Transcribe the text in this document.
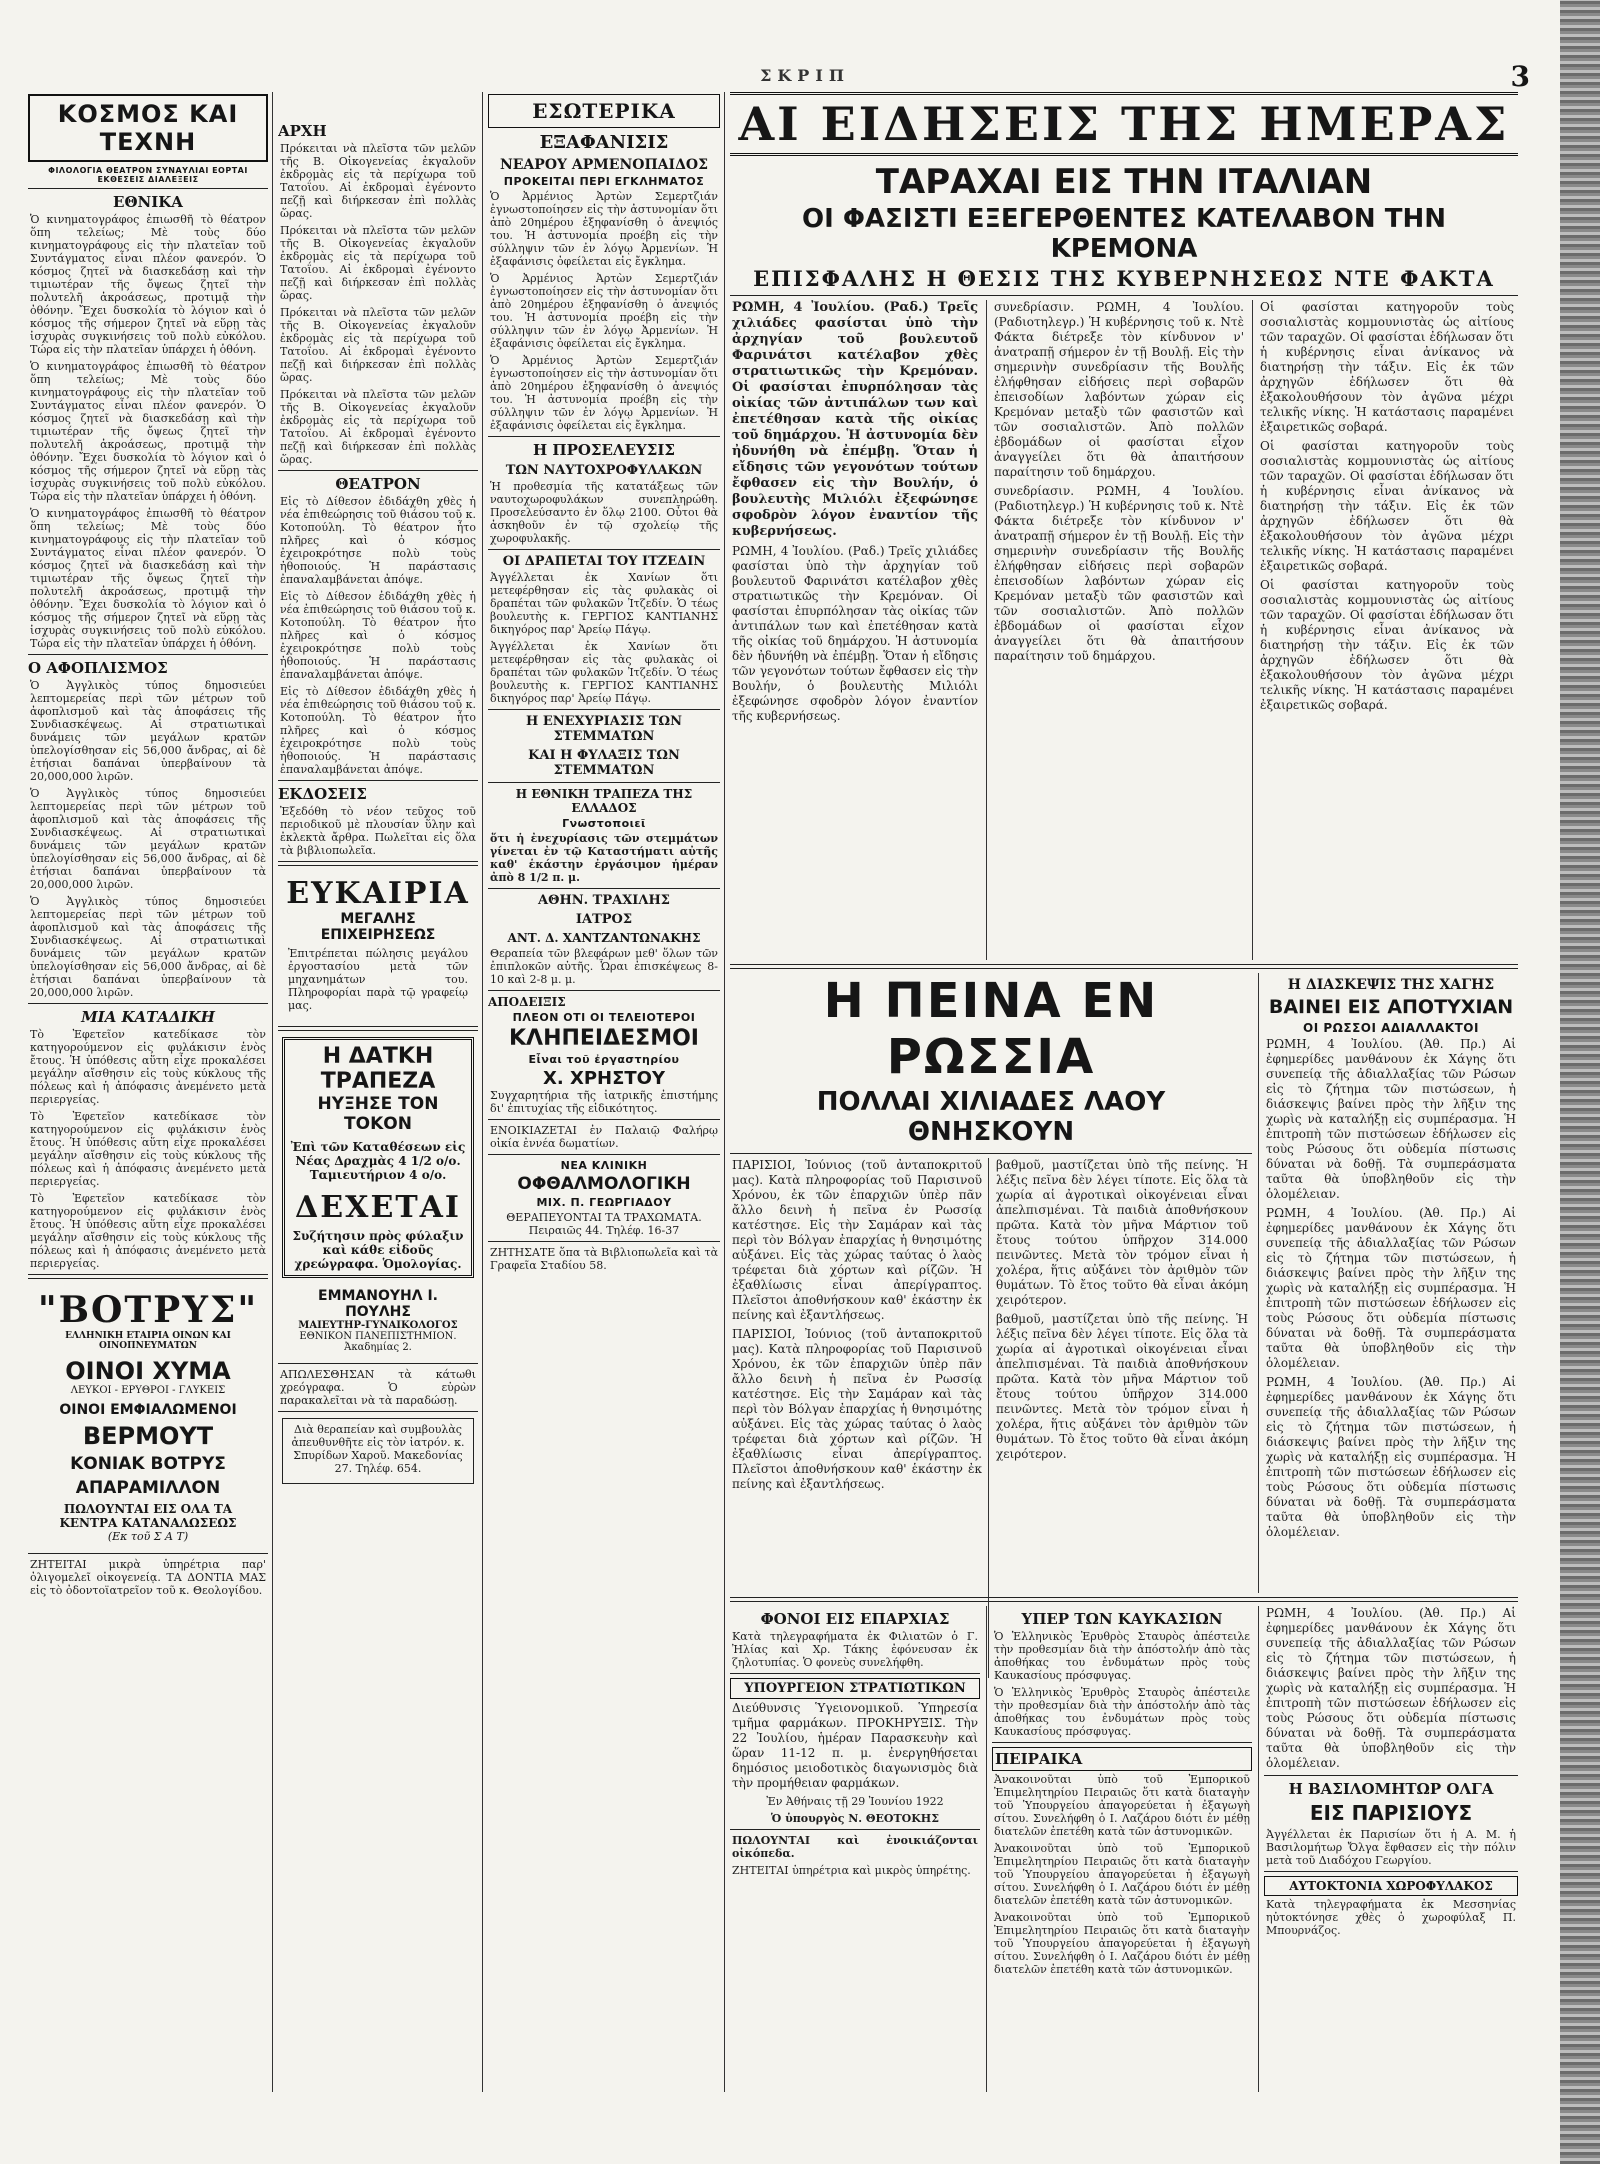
ΣΚΡΙΠ	3
ΚΟΣΜΟΣ ΚΑΙ ΤΕΧΝΗ
ΦΙΛΟΛΟΓΙΑ ΘΕΑΤΡΟΝ ΣΥΝΑΥΛΙΑΙ ΕΟΡΤΑΙ ΕΚΘΕΣΕΙΣ ΔΙΑΛΕΞΕΙΣ
ΕΘΝΙΚΑ
Ὁ κινηματογράφος ἐπιωσθῆ τὸ θέατρον ὅπη τελείως; Μὲ τοὺς δύο κινηματογράφους εἰς τὴν πλατεῖαν τοῦ Συντάγματος εἶναι πλέον φανερόν. Ὁ κόσμος ζητεῖ νὰ διασκεδάσῃ καὶ τὴν τιμιωτέραν τῆς ὄψεως ζητεῖ τὴν πολυτελῆ ἀκροάσεως, προτιμᾷ τὴν ὀθόνην. Ἔχει δυσκολία τὸ λόγιον καὶ ὁ κόσμος τῆς σήμερον ζητεῖ νὰ εὕρῃ τὰς ἰσχυρὰς συγκινήσεις τοῦ πολὺ εὐκόλου. Τώρα εἰς τὴν πλατεῖαν ὑπάρχει ἡ ὁθόνη.
Ὁ κινηματογράφος ἐπιωσθῆ τὸ θέατρον ὅπη τελείως; Μὲ τοὺς δύο κινηματογράφους εἰς τὴν πλατεῖαν τοῦ Συντάγματος εἶναι πλέον φανερόν. Ὁ κόσμος ζητεῖ νὰ διασκεδάσῃ καὶ τὴν τιμιωτέραν τῆς ὄψεως ζητεῖ τὴν πολυτελῆ ἀκροάσεως, προτιμᾷ τὴν ὀθόνην. Ἔχει δυσκολία τὸ λόγιον καὶ ὁ κόσμος τῆς σήμερον ζητεῖ νὰ εὕρῃ τὰς ἰσχυρὰς συγκινήσεις τοῦ πολὺ εὐκόλου. Τώρα εἰς τὴν πλατεῖαν ὑπάρχει ἡ ὁθόνη.
Ὁ κινηματογράφος ἐπιωσθῆ τὸ θέατρον ὅπη τελείως; Μὲ τοὺς δύο κινηματογράφους εἰς τὴν πλατεῖαν τοῦ Συντάγματος εἶναι πλέον φανερόν. Ὁ κόσμος ζητεῖ νὰ διασκεδάσῃ καὶ τὴν τιμιωτέραν τῆς ὄψεως ζητεῖ τὴν πολυτελῆ ἀκροάσεως, προτιμᾷ τὴν ὀθόνην. Ἔχει δυσκολία τὸ λόγιον καὶ ὁ κόσμος τῆς σήμερον ζητεῖ νὰ εὕρῃ τὰς ἰσχυρὰς συγκινήσεις τοῦ πολὺ εὐκόλου. Τώρα εἰς τὴν πλατεῖαν ὑπάρχει ἡ ὁθόνη.
Ο ΑΦΟΠΛΙΣΜΟΣ
Ὁ Ἀγγλικὸς τύπος δημοσιεύει λεπτομερείας περὶ τῶν μέτρων τοῦ ἀφοπλισμοῦ καὶ τὰς ἀποφάσεις τῆς Συνδιασκέψεως. Αἱ στρατιωτικαὶ δυνάμεις τῶν μεγάλων κρατῶν ὑπελογίσθησαν εἰς 56,000 ἄνδρας, αἱ δὲ ἐτήσιαι δαπάναι ὑπερβαίνουν τὰ 20,000,000 λιρῶν.
Ὁ Ἀγγλικὸς τύπος δημοσιεύει λεπτομερείας περὶ τῶν μέτρων τοῦ ἀφοπλισμοῦ καὶ τὰς ἀποφάσεις τῆς Συνδιασκέψεως. Αἱ στρατιωτικαὶ δυνάμεις τῶν μεγάλων κρατῶν ὑπελογίσθησαν εἰς 56,000 ἄνδρας, αἱ δὲ ἐτήσιαι δαπάναι ὑπερβαίνουν τὰ 20,000,000 λιρῶν.
Ὁ Ἀγγλικὸς τύπος δημοσιεύει λεπτομερείας περὶ τῶν μέτρων τοῦ ἀφοπλισμοῦ καὶ τὰς ἀποφάσεις τῆς Συνδιασκέψεως. Αἱ στρατιωτικαὶ δυνάμεις τῶν μεγάλων κρατῶν ὑπελογίσθησαν εἰς 56,000 ἄνδρας, αἱ δὲ ἐτήσιαι δαπάναι ὑπερβαίνουν τὰ 20,000,000 λιρῶν.
ΜΙΑ ΚΑΤΑΔΙΚΗ
Τὸ Ἐφετεῖον κατεδίκασε τὸν κατηγορούμενον εἰς φυλάκισιν ἑνὸς ἔτους. Ἡ ὑπόθεσις αὕτη εἶχε προκαλέσει μεγάλην αἴσθησιν εἰς τοὺς κύκλους τῆς πόλεως καὶ ἡ ἀπόφασις ἀνεμένετο μετὰ περιεργείας.
Τὸ Ἐφετεῖον κατεδίκασε τὸν κατηγορούμενον εἰς φυλάκισιν ἑνὸς ἔτους. Ἡ ὑπόθεσις αὕτη εἶχε προκαλέσει μεγάλην αἴσθησιν εἰς τοὺς κύκλους τῆς πόλεως καὶ ἡ ἀπόφασις ἀνεμένετο μετὰ περιεργείας.
Τὸ Ἐφετεῖον κατεδίκασε τὸν κατηγορούμενον εἰς φυλάκισιν ἑνὸς ἔτους. Ἡ ὑπόθεσις αὕτη εἶχε προκαλέσει μεγάλην αἴσθησιν εἰς τοὺς κύκλους τῆς πόλεως καὶ ἡ ἀπόφασις ἀνεμένετο μετὰ περιεργείας.
"ΒΟΤΡΥΣ"
ΕΛΛΗΝΙΚΗ ΕΤΑΙΡΙΑ ΟΙΝΩΝ ΚΑΙ ΟΙΝΟΠΝΕΥΜΑΤΩΝ
ΟΙΝΟΙ ΧΥΜΑ
ΛΕΥΚΟΙ - ΕΡΥΘΡΟΙ - ΓΛΥΚΕΙΣ
ΟΙΝΟΙ ΕΜΦΙΑΛΩΜΕΝΟΙ
ΒΕΡΜΟΥΤ
ΚΟΝΙΑΚ ΒΟΤΡΥΣ
ΑΠΑΡΑΜΙΛΛΟΝ
ΠΩΛΟΥΝΤΑΙ ΕΙΣ ΟΛΑ ΤΑ ΚΕΝΤΡΑ ΚΑΤΑΝΑΛΩΣΕΩΣ
(Εκ τοῦ Σ Α Τ)
ΖΗΤΕΙΤΑΙ μικρὰ ὑπηρέτρια παρ' ὀλιγομελεῖ οἰκογενείᾳ. ΤΑ ΔΟΝΤΙΑ ΜΑΣ εἰς τὸ ὀδοντοϊατρεῖον τοῦ κ. Θεολογίδου.
ΑΡΧΗ
Πρόκειται νὰ πλεῖστα τῶν μελῶν τῆς Β. Οἰκογενείας ἐκγαλοῦν ἐκδρομὰς εἰς τὰ περίχωρα τοῦ Τατοΐου. Αἱ ἐκδρομαὶ ἐγένοντο πεζῇ καὶ διήρκεσαν ἐπὶ πολλὰς ὥρας.
Πρόκειται νὰ πλεῖστα τῶν μελῶν τῆς Β. Οἰκογενείας ἐκγαλοῦν ἐκδρομὰς εἰς τὰ περίχωρα τοῦ Τατοΐου. Αἱ ἐκδρομαὶ ἐγένοντο πεζῇ καὶ διήρκεσαν ἐπὶ πολλὰς ὥρας.
Πρόκειται νὰ πλεῖστα τῶν μελῶν τῆς Β. Οἰκογενείας ἐκγαλοῦν ἐκδρομὰς εἰς τὰ περίχωρα τοῦ Τατοΐου. Αἱ ἐκδρομαὶ ἐγένοντο πεζῇ καὶ διήρκεσαν ἐπὶ πολλὰς ὥρας.
Πρόκειται νὰ πλεῖστα τῶν μελῶν τῆς Β. Οἰκογενείας ἐκγαλοῦν ἐκδρομὰς εἰς τὰ περίχωρα τοῦ Τατοΐου. Αἱ ἐκδρομαὶ ἐγένοντο πεζῇ καὶ διήρκεσαν ἐπὶ πολλὰς ὥρας.
ΘΕΑΤΡΟΝ
Εἰς τὸ Δίθεσον ἐδιδάχθη χθὲς ἡ νέα ἐπιθεώρησις τοῦ θιάσου τοῦ κ. Κοτοπούλη. Τὸ θέατρον ἦτο πλῆρες καὶ ὁ κόσμος ἐχειροκρότησε πολὺ τοὺς ἠθοποιούς. Ἡ παράστασις ἐπαναλαμβάνεται ἀπόψε.
Εἰς τὸ Δίθεσον ἐδιδάχθη χθὲς ἡ νέα ἐπιθεώρησις τοῦ θιάσου τοῦ κ. Κοτοπούλη. Τὸ θέατρον ἦτο πλῆρες καὶ ὁ κόσμος ἐχειροκρότησε πολὺ τοὺς ἠθοποιούς. Ἡ παράστασις ἐπαναλαμβάνεται ἀπόψε.
Εἰς τὸ Δίθεσον ἐδιδάχθη χθὲς ἡ νέα ἐπιθεώρησις τοῦ θιάσου τοῦ κ. Κοτοπούλη. Τὸ θέατρον ἦτο πλῆρες καὶ ὁ κόσμος ἐχειροκρότησε πολὺ τοὺς ἠθοποιούς. Ἡ παράστασις ἐπαναλαμβάνεται ἀπόψε.
ΕΚΔΟΣΕΙΣ
Ἐξεδόθη τὸ νέον τεῦχος τοῦ περιοδικοῦ μὲ πλουσίαν ὕλην καὶ ἐκλεκτὰ ἄρθρα. Πωλεῖται εἰς ὅλα τὰ βιβλιοπωλεῖα.
ΕΥΚΑΙΡΙΑ
ΜΕΓΑΛΗΣ ΕΠΙΧΕΙΡΗΣΕΩΣ
Ἐπιτρέπεται πώλησις μεγάλου ἐργοστασίου μετὰ τῶν μηχανημάτων του. Πληροφορίαι παρὰ τῷ γραφείῳ μας.
Η ΔΑΤΚΗ ΤΡΑΠΕΖΑ
ΗΥΞΗΣΕ ΤΟΝ ΤΟΚΟΝ
Ἐπὶ τῶν Καταθέσεων εἰς Νέας Δραχμὰς 4 1/2 ο/ο. Ταμιευτήριον 4 ο/ο.
ΔΕΧΕΤΑΙ
Συζήτησιν πρὸς φύλαξιν καὶ κάθε εἰδοῦς χρεώγραφα. Ὁμολογίας.
ΕΜΜΑΝΟΥΗΛ Ι. ΠΟΥΛΗΣ
ΜΑΙΕΥΤΗΡ-ΓΥΝΑΙΚΟΛΟΓΟΣ
ΕΘΝΙΚΟΝ ΠΑΝΕΠΙΣΤΗΜΙΟΝ. Ἀκαδημίας 2.
ΑΠΩΛΕΣΘΗΣΑΝ τὰ κάτωθι χρεόγραφα. Ὁ εὑρὼν παρακαλεῖται νὰ τὰ παραδώσῃ.
Διὰ θεραπείαν καὶ συμβουλὰς ἀπευθυνθῆτε εἰς τὸν ἰατρόν. κ. Σπυρίδων Χαροῦ. Μακεδονίας 27. Τηλέφ. 654.
ΕΣΩΤΕΡΙΚΑ
ΕΞΑΦΑΝΙΣΙΣ
ΝΕΑΡΟΥ ΑΡΜΕΝΟΠΑΙΔΟΣ
ΠΡΟΚΕΙΤΑΙ ΠΕΡΙ ΕΓΚΛΗΜΑΤΟΣ
Ὁ Ἀρμένιος Ἀρτὼν Σεμερτζιάν ἐγνωστοποίησεν εἰς τὴν ἀστυνομίαν ὅτι ἀπὸ 20ημέρου ἐξηφανίσθη ὁ ἀνεψιός του. Ἡ ἀστυνομία προέβη εἰς τὴν σύλληψιν τῶν ἐν λόγῳ Ἀρμενίων. Ἡ ἐξαφάνισις ὀφείλεται εἰς ἔγκλημα.
Ὁ Ἀρμένιος Ἀρτὼν Σεμερτζιάν ἐγνωστοποίησεν εἰς τὴν ἀστυνομίαν ὅτι ἀπὸ 20ημέρου ἐξηφανίσθη ὁ ἀνεψιός του. Ἡ ἀστυνομία προέβη εἰς τὴν σύλληψιν τῶν ἐν λόγῳ Ἀρμενίων. Ἡ ἐξαφάνισις ὀφείλεται εἰς ἔγκλημα.
Ὁ Ἀρμένιος Ἀρτὼν Σεμερτζιάν ἐγνωστοποίησεν εἰς τὴν ἀστυνομίαν ὅτι ἀπὸ 20ημέρου ἐξηφανίσθη ὁ ἀνεψιός του. Ἡ ἀστυνομία προέβη εἰς τὴν σύλληψιν τῶν ἐν λόγῳ Ἀρμενίων. Ἡ ἐξαφάνισις ὀφείλεται εἰς ἔγκλημα.
Η ΠΡΟΣΕΛΕΥΣΙΣ
ΤΩΝ ΝΑΥΤΟΧΡΟΦΥΛΑΚΩΝ
Ἡ προθεσμία τῆς κατατάξεως τῶν ναυτοχωροφυλάκων συνεπληρώθη. Προσελεύσαντο ἐν ὅλῳ 2100. Οὗτοι θὰ ἀσκηθοῦν ἐν τῷ σχολείῳ τῆς χωροφυλακῆς.
ΟΙ ΔΡΑΠΕΤΑΙ ΤΟΥ ΙΤΖΕΔΙΝ
Ἀγγέλλεται ἐκ Χανίων ὅτι μετεφέρθησαν εἰς τὰς φυλακὰς οἱ δραπέται τῶν φυλακῶν Ἰτζεδίν. Ὁ τέως βουλευτὴς κ. ΓΕΡΓΙΟΣ ΚΑΝΤΙΑΝΗΣ δικηγόρος παρ' Ἀρείῳ Πάγῳ.
Ἀγγέλλεται ἐκ Χανίων ὅτι μετεφέρθησαν εἰς τὰς φυλακὰς οἱ δραπέται τῶν φυλακῶν Ἰτζεδίν. Ὁ τέως βουλευτὴς κ. ΓΕΡΓΙΟΣ ΚΑΝΤΙΑΝΗΣ δικηγόρος παρ' Ἀρείῳ Πάγῳ.
Η ΕΝΕΧΥΡΙΑΣΙΣ ΤΩΝ ΣΤΕΜΜΑΤΩΝ
ΚΑΙ Η ΦΥΛΑΞΙΣ ΤΩΝ ΣΤΕΜΜΑΤΩΝ
Η ΕΘΝΙΚΗ ΤΡΑΠΕΖΑ ΤΗΣ ΕΛΛΑΔΟΣ
Γνωστοποιεῖ
ὅτι ἡ ἐνεχυρίασις τῶν στεμμάτων γίνεται ἐν τῷ Καταστήματι αὐτῆς καθ' ἑκάστην ἐργάσιμον ἡμέραν ἀπὸ 8 1/2 π. μ.
ΑΘΗΝ. ΤΡΑΧΙΛΗΣ
ΙΑΤΡΟΣ
ΑΝΤ. Δ. ΧΑΝΤΖΑΝΤΩΝΑΚΗΣ
Θεραπεία τῶν βλεφάρων μεθ' ὅλων τῶν ἐπιπλοκῶν αὐτῆς. Ὧραι ἐπισκέψεως 8-10 καὶ 2-8 μ. μ.
ΑΠΟΔΕΙΞΙΣ
ΠΛΕΟΝ ΟΤΙ ΟΙ ΤΕΛΕΙΟΤΕΡΟΙ
ΚΛΗΠΕΙΔΕΣΜΟΙ
Εἶναι τοῦ ἐργαστηρίου
Χ. ΧΡΗΣΤΟΥ
Συγχαρητήρια τῆς ἰατρικῆς ἐπιστήμης δι' ἐπιτυχίας τῆς εἰδικότητος.
ΕΝΟΙΚΙΑΖΕΤΑΙ ἐν Παλαιῷ Φαλήρῳ οἰκία ἐννέα δωματίων.
ΝΕΑ ΚΛΙΝΙΚΗ
ΟΦΘΑΛΜΟΛΟΓΙΚΗ
ΜΙΧ. Π. ΓΕΩΡΓΙΑΔΟΥ
ΘΕΡΑΠΕΥΟΝΤΑΙ ΤΑ ΤΡΑΧΩΜΑΤΑ. Πειραιῶς 44. Τηλέφ. 16-37
ΖΗΤΗΣΑΤΕ ὅπα τὰ Βιβλιοπωλεῖα καὶ τὰ Γραφεῖα Σταδίου 58.
ΑΙ ΕΙΔΗΣΕΙΣ ΤΗΣ ΗΜΕΡΑΣ
ΤΑΡΑΧΑΙ ΕΙΣ ΤΗΝ ΙΤΑΛΙΑΝ
ΟΙ ΦΑΣΙΣΤΙ ΕΞΕΓΕΡΘΕΝΤΕΣ ΚΑΤΕΛΑΒΟΝ ΤΗΝ ΚΡΕΜΟΝΑ
ΕΠΙΣΦΑΛΗΣ Η ΘΕΣΙΣ ΤΗΣ ΚΥΒΕΡΝΗΣΕΩΣ ΝΤΕ ΦΑΚΤΑ
ΡΩΜΗ, 4 Ἰουλίου. (Ραδ.) Τρεῖς χιλιάδες φασίσται ὑπὸ τὴν ἀρχηγίαν τοῦ βουλευτοῦ Φαρινάτσι κατέλαβον χθὲς στρατιωτικῶς τὴν Κρεμόναν. Οἱ φασίσται ἐπυρπόλησαν τὰς οἰκίας τῶν ἀντιπάλων των καὶ ἐπετέθησαν κατὰ τῆς οἰκίας τοῦ δημάρχου. Ἡ ἀστυνομία δὲν ἠδυνήθη νὰ ἐπέμβῃ. Ὅταν ἡ εἴδησις τῶν γεγονότων τούτων ἔφθασεν εἰς τὴν Βουλήν, ὁ βουλευτὴς Μιλιόλι ἐξεφώνησε σφοδρὸν λόγον ἐναντίον τῆς κυβερνήσεως.
ΡΩΜΗ, 4 Ἰουλίου. (Ραδ.) Τρεῖς χιλιάδες φασίσται ὑπὸ τὴν ἀρχηγίαν τοῦ βουλευτοῦ Φαρινάτσι κατέλαβον χθὲς στρατιωτικῶς τὴν Κρεμόναν. Οἱ φασίσται ἐπυρπόλησαν τὰς οἰκίας τῶν ἀντιπάλων των καὶ ἐπετέθησαν κατὰ τῆς οἰκίας τοῦ δημάρχου. Ἡ ἀστυνομία δὲν ἠδυνήθη νὰ ἐπέμβῃ. Ὅταν ἡ εἴδησις τῶν γεγονότων τούτων ἔφθασεν εἰς τὴν Βουλήν, ὁ βουλευτὴς Μιλιόλι ἐξεφώνησε σφοδρὸν λόγον ἐναντίον τῆς κυβερνήσεως.
συνεδρίασιν. ΡΩΜΗ, 4 Ἰουλίου. (Ραδιοτηλεγρ.) Ἡ κυβέρνησις τοῦ κ. Ντὲ Φάκτα διέτρεξε τὸν κίνδυνον ν' ἀνατραπῇ σήμερον ἐν τῇ Βουλῇ. Εἰς τὴν σημερινὴν συνεδρίασιν τῆς Βουλῆς ἐλήφθησαν εἰδήσεις περὶ σοβαρῶν ἐπεισοδίων λαβόντων χώραν εἰς Κρεμόναν μεταξὺ τῶν φασιστῶν καὶ τῶν σοσιαλιστῶν. Ἀπὸ πολλῶν ἐβδομάδων οἱ φασίσται εἶχον ἀναγγείλει ὅτι θὰ ἀπαιτήσουν παραίτησιν τοῦ δημάρχου.
συνεδρίασιν. ΡΩΜΗ, 4 Ἰουλίου. (Ραδιοτηλεγρ.) Ἡ κυβέρνησις τοῦ κ. Ντὲ Φάκτα διέτρεξε τὸν κίνδυνον ν' ἀνατραπῇ σήμερον ἐν τῇ Βουλῇ. Εἰς τὴν σημερινὴν συνεδρίασιν τῆς Βουλῆς ἐλήφθησαν εἰδήσεις περὶ σοβαρῶν ἐπεισοδίων λαβόντων χώραν εἰς Κρεμόναν μεταξὺ τῶν φασιστῶν καὶ τῶν σοσιαλιστῶν. Ἀπὸ πολλῶν ἐβδομάδων οἱ φασίσται εἶχον ἀναγγείλει ὅτι θὰ ἀπαιτήσουν παραίτησιν τοῦ δημάρχου.
Οἱ φασίσται κατηγοροῦν τοὺς σοσιαλιστὰς κομμουνιστὰς ὡς αἰτίους τῶν ταραχῶν. Οἱ φασίσται ἐδήλωσαν ὅτι ἡ κυβέρνησις εἶναι ἀνίκανος νὰ διατηρήσῃ τὴν τάξιν. Εἰς ἐκ τῶν ἀρχηγῶν ἐδήλωσεν ὅτι θὰ ἐξακολουθήσουν τὸν ἀγῶνα μέχρι τελικῆς νίκης. Ἡ κατάστασις παραμένει ἐξαιρετικῶς σοβαρά.
Οἱ φασίσται κατηγοροῦν τοὺς σοσιαλιστὰς κομμουνιστὰς ὡς αἰτίους τῶν ταραχῶν. Οἱ φασίσται ἐδήλωσαν ὅτι ἡ κυβέρνησις εἶναι ἀνίκανος νὰ διατηρήσῃ τὴν τάξιν. Εἰς ἐκ τῶν ἀρχηγῶν ἐδήλωσεν ὅτι θὰ ἐξακολουθήσουν τὸν ἀγῶνα μέχρι τελικῆς νίκης. Ἡ κατάστασις παραμένει ἐξαιρετικῶς σοβαρά.
Οἱ φασίσται κατηγοροῦν τοὺς σοσιαλιστὰς κομμουνιστὰς ὡς αἰτίους τῶν ταραχῶν. Οἱ φασίσται ἐδήλωσαν ὅτι ἡ κυβέρνησις εἶναι ἀνίκανος νὰ διατηρήσῃ τὴν τάξιν. Εἰς ἐκ τῶν ἀρχηγῶν ἐδήλωσεν ὅτι θὰ ἐξακολουθήσουν τὸν ἀγῶνα μέχρι τελικῆς νίκης. Ἡ κατάστασις παραμένει ἐξαιρετικῶς σοβαρά.
Η ΠΕΙΝΑ ΕΝ ΡΩΣΣΙΑ
ΠΟΛΛΑΙ ΧΙΛΙΑΔΕΣ ΛΑΟΥ ΘΝΗΣΚΟΥΝ
ΠΑΡΙΣΙΟΙ, Ἰούνιος (τοῦ ἀνταποκριτοῦ μας). Κατὰ πληροφορίας τοῦ Παρισινοῦ Χρόνου, ἐκ τῶν ἐπαρχιῶν ὑπὲρ πᾶν ἄλλο δεινὴ ἡ πεῖνα ἐν Ρωσσίᾳ κατέστησε. Εἰς τὴν Σαμάραν καὶ τὰς περὶ τὸν Βόλγαν ἐπαρχίας ἡ θνησιμότης αὐξάνει. Εἰς τὰς χώρας ταύτας ὁ λαὸς τρέφεται διὰ χόρτων καὶ ρίζῶν. Ἡ ἐξαθλίωσις εἶναι ἀπερίγραπτος. Πλεῖστοι ἀποθνήσκουν καθ' ἑκάστην ἐκ πείνης καὶ ἐξαντλήσεως.
ΠΑΡΙΣΙΟΙ, Ἰούνιος (τοῦ ἀνταποκριτοῦ μας). Κατὰ πληροφορίας τοῦ Παρισινοῦ Χρόνου, ἐκ τῶν ἐπαρχιῶν ὑπὲρ πᾶν ἄλλο δεινὴ ἡ πεῖνα ἐν Ρωσσίᾳ κατέστησε. Εἰς τὴν Σαμάραν καὶ τὰς περὶ τὸν Βόλγαν ἐπαρχίας ἡ θνησιμότης αὐξάνει. Εἰς τὰς χώρας ταύτας ὁ λαὸς τρέφεται διὰ χόρτων καὶ ρίζῶν. Ἡ ἐξαθλίωσις εἶναι ἀπερίγραπτος. Πλεῖστοι ἀποθνήσκουν καθ' ἑκάστην ἐκ πείνης καὶ ἐξαντλήσεως.
βαθμοῦ, μαστίζεται ὑπὸ τῆς πείνης. Ἡ λέξις πεῖνα δὲν λέγει τίποτε. Εἰς ὅλα τὰ χωρία αἱ ἀγροτικαὶ οἰκογένειαι εἶναι ἀπελπισμέναι. Τὰ παιδιὰ ἀποθνήσκουν πρῶτα. Κατὰ τὸν μῆνα Μάρτιον τοῦ ἔτους τούτου ὑπῆρχον 314.000 πεινῶντες. Μετὰ τὸν τρόμον εἶναι ἡ χολέρα, ἥτις αὐξάνει τὸν ἀριθμὸν τῶν θυμάτων. Τὸ ἔτος τοῦτο θὰ εἶναι ἀκόμη χειρότερον.
βαθμοῦ, μαστίζεται ὑπὸ τῆς πείνης. Ἡ λέξις πεῖνα δὲν λέγει τίποτε. Εἰς ὅλα τὰ χωρία αἱ ἀγροτικαὶ οἰκογένειαι εἶναι ἀπελπισμέναι. Τὰ παιδιὰ ἀποθνήσκουν πρῶτα. Κατὰ τὸν μῆνα Μάρτιον τοῦ ἔτους τούτου ὑπῆρχον 314.000 πεινῶντες. Μετὰ τὸν τρόμον εἶναι ἡ χολέρα, ἥτις αὐξάνει τὸν ἀριθμὸν τῶν θυμάτων. Τὸ ἔτος τοῦτο θὰ εἶναι ἀκόμη χειρότερον.
Η ΔΙΑΣΚΕΨΙΣ ΤΗΣ ΧΑΓΗΣ
ΒΑΙΝΕΙ ΕΙΣ ΑΠΟΤΥΧΙΑΝ
ΟΙ ΡΩΣΣΟΙ ΑΔΙΑΛΛΑΚΤΟΙ
ΡΩΜΗ, 4 Ἰουλίου. (Ἀθ. Πρ.) Αἱ ἐφημερίδες μανθάνουν ἐκ Χάγης ὅτι συνεπείᾳ τῆς ἀδιαλλαξίας τῶν Ρώσων εἰς τὸ ζήτημα τῶν πιστώσεων, ἡ διάσκεψις βαίνει πρὸς τὴν λῆξιν της χωρὶς νὰ καταλήξῃ εἰς συμπέρασμα. Ἡ ἐπιτροπὴ τῶν πιστώσεων ἐδήλωσεν εἰς τοὺς Ρώσους ὅτι οὐδεμία πίστωσις δύναται νὰ δοθῇ. Τὰ συμπεράσματα ταῦτα θὰ ὑποβληθοῦν εἰς τὴν ὁλομέλειαν.
ΡΩΜΗ, 4 Ἰουλίου. (Ἀθ. Πρ.) Αἱ ἐφημερίδες μανθάνουν ἐκ Χάγης ὅτι συνεπείᾳ τῆς ἀδιαλλαξίας τῶν Ρώσων εἰς τὸ ζήτημα τῶν πιστώσεων, ἡ διάσκεψις βαίνει πρὸς τὴν λῆξιν της χωρὶς νὰ καταλήξῃ εἰς συμπέρασμα. Ἡ ἐπιτροπὴ τῶν πιστώσεων ἐδήλωσεν εἰς τοὺς Ρώσους ὅτι οὐδεμία πίστωσις δύναται νὰ δοθῇ. Τὰ συμπεράσματα ταῦτα θὰ ὑποβληθοῦν εἰς τὴν ὁλομέλειαν.
ΡΩΜΗ, 4 Ἰουλίου. (Ἀθ. Πρ.) Αἱ ἐφημερίδες μανθάνουν ἐκ Χάγης ὅτι συνεπείᾳ τῆς ἀδιαλλαξίας τῶν Ρώσων εἰς τὸ ζήτημα τῶν πιστώσεων, ἡ διάσκεψις βαίνει πρὸς τὴν λῆξιν της χωρὶς νὰ καταλήξῃ εἰς συμπέρασμα. Ἡ ἐπιτροπὴ τῶν πιστώσεων ἐδήλωσεν εἰς τοὺς Ρώσους ὅτι οὐδεμία πίστωσις δύναται νὰ δοθῇ. Τὰ συμπεράσματα ταῦτα θὰ ὑποβληθοῦν εἰς τὴν ὁλομέλειαν.
ΦΟΝΟΙ ΕΙΣ ΕΠΑΡΧΙΑΣ
Κατὰ τηλεγραφήματα ἐκ Φιλιατῶν ὁ Γ. Ἠλίας καὶ Χρ. Τάκης ἐφόνευσαν ἐκ ζηλοτυπίας. Ὁ φονεὺς συνελήφθη.
ΥΠΟΥΡΓΕΙΟΝ ΣΤΡΑΤΙΩΤΙΚΩΝ
Διεύθυνσις Ὑγειονομικοῦ. Ὑπηρεσία τμῆμα φαρμάκων. ΠΡΟΚΗΡΥΞΙΣ. Τὴν 22 Ἰουλίου, ἡμέραν Παρασκευὴν καὶ ὥραν 11-12 π. μ. ἐνεργηθήσεται δημόσιος μειοδοτικὸς διαγωνισμὸς διὰ τὴν προμήθειαν φαρμάκων.
Ἐν Ἀθήναις τῇ 29 Ἰουνίου 1922
Ὁ ὑπουργὸς Ν. ΘΕΟΤΟΚΗΣ
ΠΩΛΟΥΝΤΑΙ καὶ ἐνοικιάζονται οἰκόπεδα.
ΖΗΤΕΙΤΑΙ ὑπηρέτρια καὶ μικρὸς ὑπηρέτης.
ΥΠΕΡ ΤΩΝ ΚΑΥΚΑΣΙΩΝ
Ὁ Ἑλληνικὸς Ἐρυθρὸς Σταυρὸς ἀπέστειλε τὴν προθεσμίαν διὰ τὴν ἀπόστολήν ἀπὸ τὰς ἀποθήκας του ἐνδυμάτων πρὸς τοὺς Καυκασίους πρόσφυγας.
Ὁ Ἑλληνικὸς Ἐρυθρὸς Σταυρὸς ἀπέστειλε τὴν προθεσμίαν διὰ τὴν ἀπόστολήν ἀπὸ τὰς ἀποθήκας του ἐνδυμάτων πρὸς τοὺς Καυκασίους πρόσφυγας.
ΠΕΙΡΑΙΚΑ
Ἀνακοινοῦται ὑπὸ τοῦ Ἐμπορικοῦ Ἐπιμελητηρίου Πειραιῶς ὅτι κατὰ διαταγὴν τοῦ Ὑπουργείου ἀπαγορεύεται ἡ ἐξαγωγὴ σίτου. Συνελήφθη ὁ Ι. Λαζάρου διότι ἐν μέθῃ διατελῶν ἐπετέθη κατὰ τῶν ἀστυνομικῶν.
Ἀνακοινοῦται ὑπὸ τοῦ Ἐμπορικοῦ Ἐπιμελητηρίου Πειραιῶς ὅτι κατὰ διαταγὴν τοῦ Ὑπουργείου ἀπαγορεύεται ἡ ἐξαγωγὴ σίτου. Συνελήφθη ὁ Ι. Λαζάρου διότι ἐν μέθῃ διατελῶν ἐπετέθη κατὰ τῶν ἀστυνομικῶν.
Ἀνακοινοῦται ὑπὸ τοῦ Ἐμπορικοῦ Ἐπιμελητηρίου Πειραιῶς ὅτι κατὰ διαταγὴν τοῦ Ὑπουργείου ἀπαγορεύεται ἡ ἐξαγωγὴ σίτου. Συνελήφθη ὁ Ι. Λαζάρου διότι ἐν μέθῃ διατελῶν ἐπετέθη κατὰ τῶν ἀστυνομικῶν.
ΡΩΜΗ, 4 Ἰουλίου. (Ἀθ. Πρ.) Αἱ ἐφημερίδες μανθάνουν ἐκ Χάγης ὅτι συνεπείᾳ τῆς ἀδιαλλαξίας τῶν Ρώσων εἰς τὸ ζήτημα τῶν πιστώσεων, ἡ διάσκεψις βαίνει πρὸς τὴν λῆξιν της χωρὶς νὰ καταλήξῃ εἰς συμπέρασμα. Ἡ ἐπιτροπὴ τῶν πιστώσεων ἐδήλωσεν εἰς τοὺς Ρώσους ὅτι οὐδεμία πίστωσις δύναται νὰ δοθῇ. Τὰ συμπεράσματα ταῦτα θὰ ὑποβληθοῦν εἰς τὴν ὁλομέλειαν.
Η ΒΑΣΙΛΟΜΗΤΩΡ ΟΛΓΑ
ΕΙΣ ΠΑΡΙΣΙΟΥΣ
Ἀγγέλλεται ἐκ Παρισίων ὅτι ἡ Α. Μ. ἡ Βασιλομήτωρ Ὄλγα ἔφθασεν εἰς τὴν πόλιν μετὰ τοῦ Διαδόχου Γεωργίου.
ΑΥΤΟΚΤΟΝΙΑ ΧΩΡΟΦΥΛΑΚΟΣ
Κατὰ τηλεγραφήματα ἐκ Μεσσηνίας ηὐτοκτόνησε χθὲς ὁ χωροφύλαξ Π. Μπουρνάζος.
